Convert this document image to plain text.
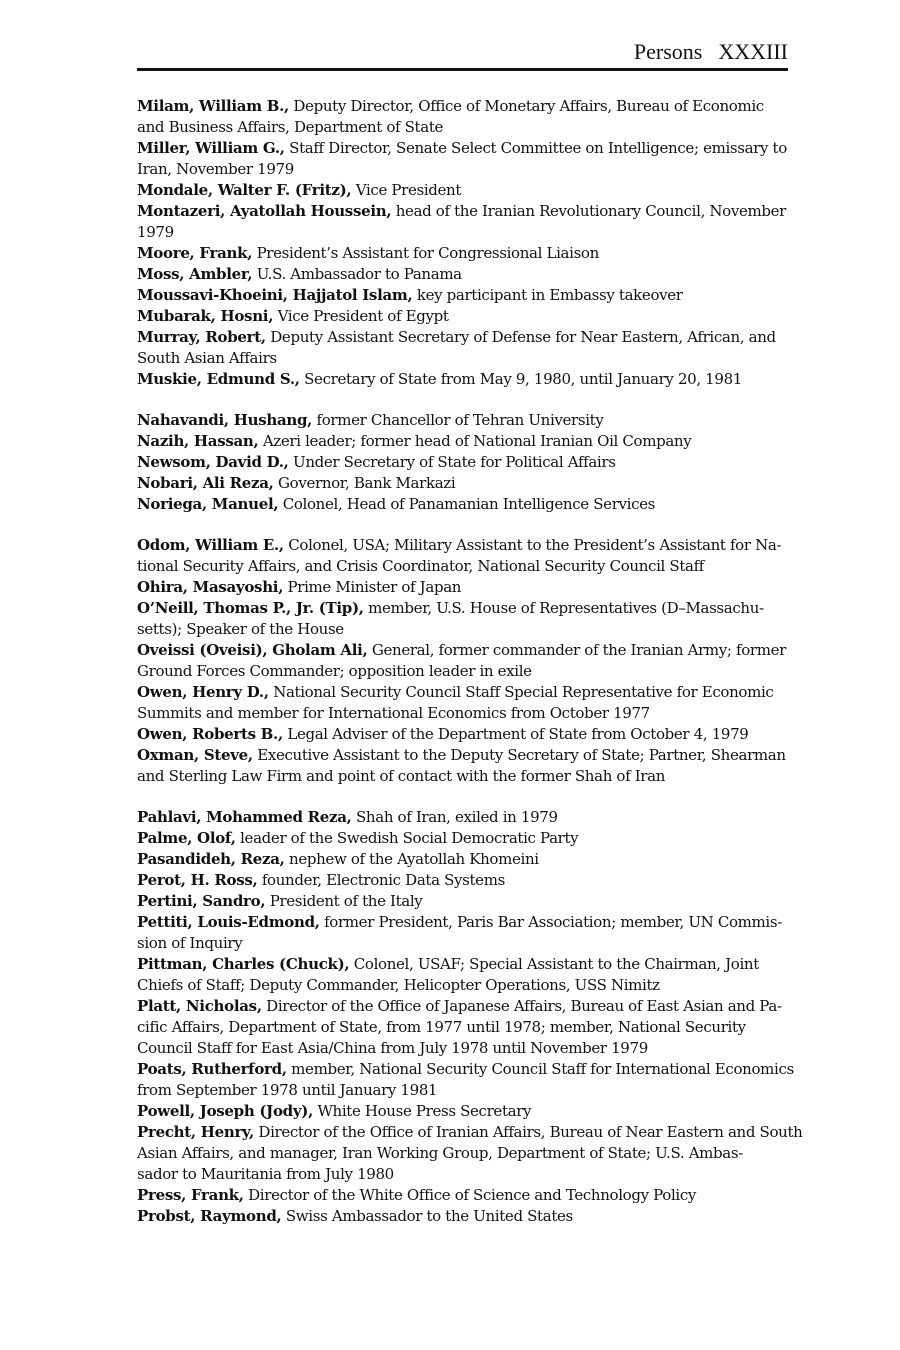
Persons XXXIII
Milam, William B., Deputy Director, Office of Monetary Affairs, Bureau of Economic
and Business Affairs, Department of State
Miller, William G., Staff Director, Senate Select Committee on Intelligence; emissary to
Iran, November 1979
Mondale, Walter F. (Fritz), Vice President
Montazeri, Ayatollah Houssein, head of the Iranian Revolutionary Council, November
1979
Moore, Frank, President’s Assistant for Congressional Liaison
Moss, Ambler, U.S. Ambassador to Panama
Moussavi-Khoeini, Hajjatol Islam, key participant in Embassy takeover
Mubarak, Hosni, Vice President of Egypt
Murray, Robert, Deputy Assistant Secretary of Defense for Near Eastern, African, and
South Asian Affairs
Muskie, Edmund S., Secretary of State from May 9, 1980, until January 20, 1981
Nahavandi, Hushang, former Chancellor of Tehran University
Nazih, Hassan, Azeri leader; former head of National Iranian Oil Company
Newsom, David D., Under Secretary of State for Political Affairs
Nobari, Ali Reza, Governor, Bank Markazi
Noriega, Manuel, Colonel, Head of Panamanian Intelligence Services
Odom, William E., Colonel, USA; Military Assistant to the President’s Assistant for Na-
tional Security Affairs, and Crisis Coordinator, National Security Council Staff
Ohira, Masayoshi, Prime Minister of Japan
O’Neill, Thomas P., Jr. (Tip), member, U.S. House of Representatives (D–Massachu-
setts); Speaker of the House
Oveissi (Oveisi), Gholam Ali, General, former commander of the Iranian Army; former
Ground Forces Commander; opposition leader in exile
Owen, Henry D., National Security Council Staff Special Representative for Economic
Summits and member for International Economics from October 1977
Owen, Roberts B., Legal Adviser of the Department of State from October 4, 1979
Oxman, Steve, Executive Assistant to the Deputy Secretary of State; Partner, Shearman
and Sterling Law Firm and point of contact with the former Shah of Iran
Pahlavi, Mohammed Reza, Shah of Iran, exiled in 1979
Palme, Olof, leader of the Swedish Social Democratic Party
Pasandideh, Reza, nephew of the Ayatollah Khomeini
Perot, H. Ross, founder, Electronic Data Systems
Pertini, Sandro, President of the Italy
Pettiti, Louis-Edmond, former President, Paris Bar Association; member, UN Commis-
sion of Inquiry
Pittman, Charles (Chuck), Colonel, USAF; Special Assistant to the Chairman, Joint
Chiefs of Staff; Deputy Commander, Helicopter Operations, USS Nimitz
Platt, Nicholas, Director of the Office of Japanese Affairs, Bureau of East Asian and Pa-
cific Affairs, Department of State, from 1977 until 1978; member, National Security
Council Staff for East Asia/China from July 1978 until November 1979
Poats, Rutherford, member, National Security Council Staff for International Economics
from September 1978 until January 1981
Powell, Joseph (Jody), White House Press Secretary
Precht, Henry, Director of the Office of Iranian Affairs, Bureau of Near Eastern and South
Asian Affairs, and manager, Iran Working Group, Department of State; U.S. Ambas-
sador to Mauritania from July 1980
Press, Frank, Director of the White Office of Science and Technology Policy
Probst, Raymond, Swiss Ambassador to the United States
